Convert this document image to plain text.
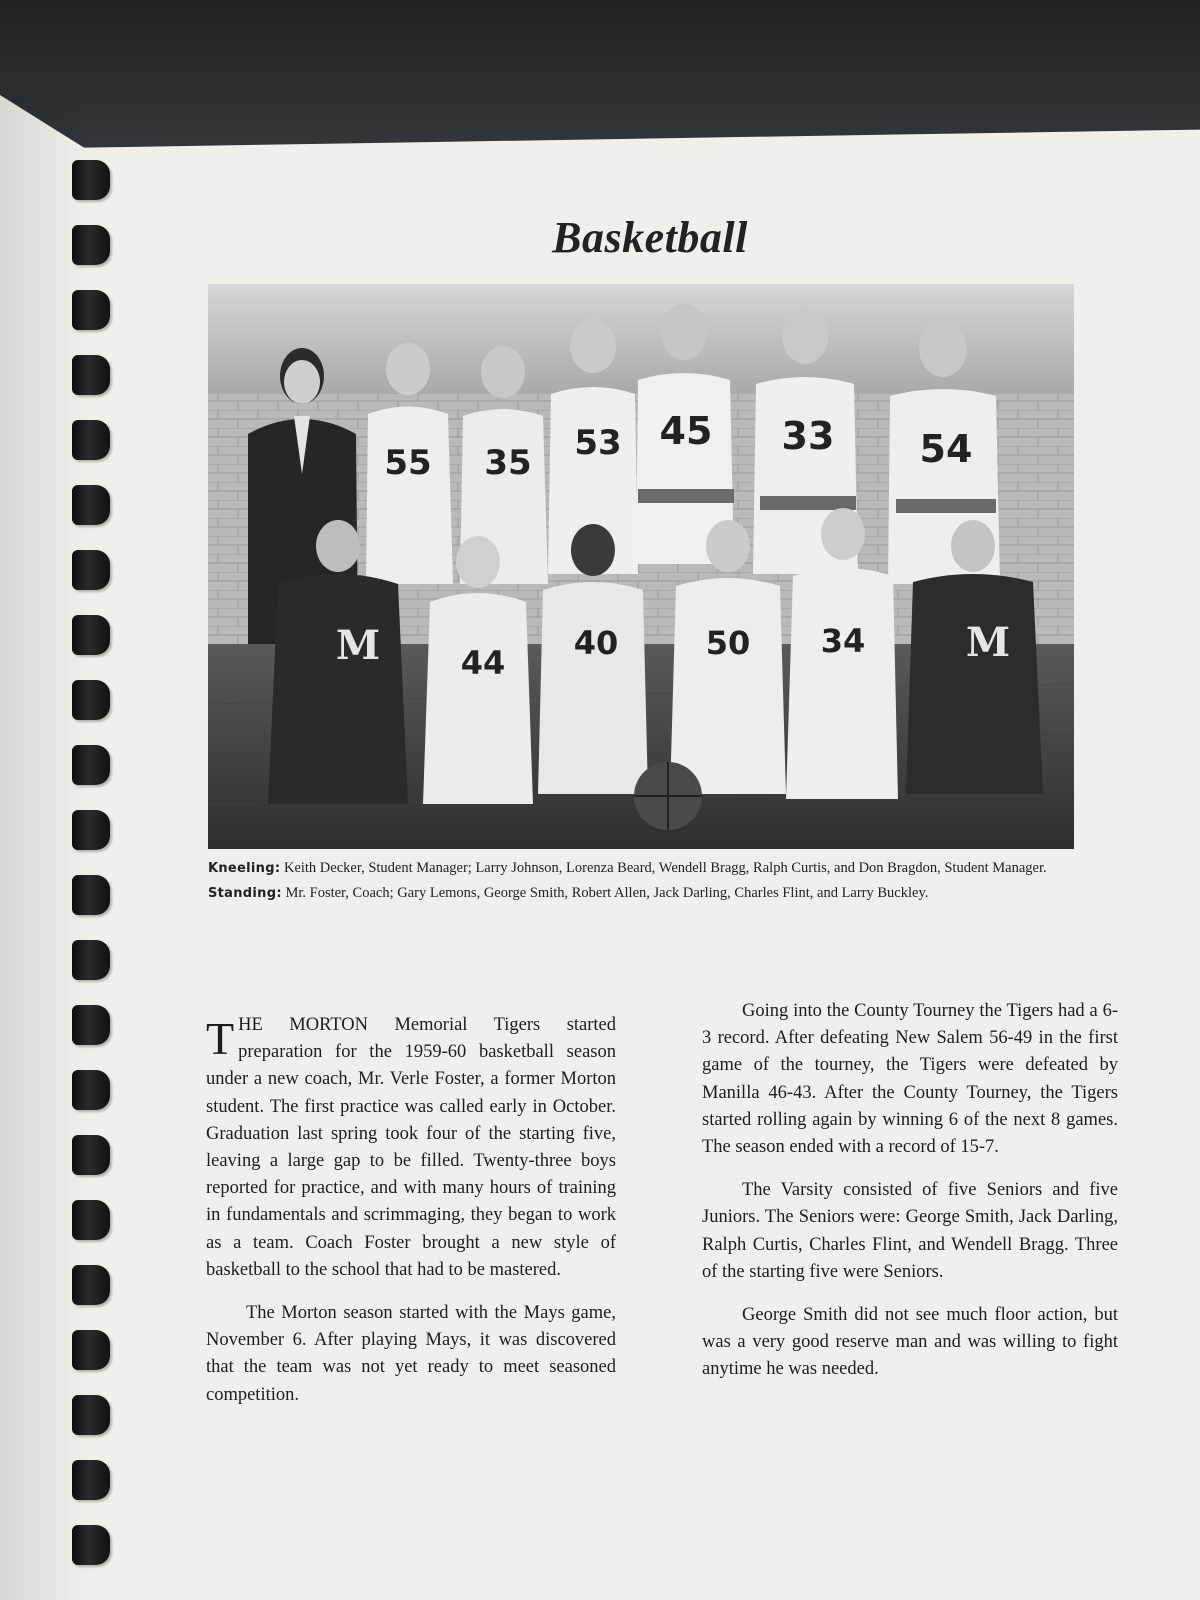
Basketball
55 35 53 45 33 54
M	44
40	50 34	M

Kneeling: Keith Decker, Student Manager; Larry Johnson, Lorenza Beard, Wendell Bragg, Ralph Curtis, and Don Bragdon, Student Manager.

Standing: Mr. Foster, Coach; Gary Lemons, George Smith, Robert Allen, Jack Darling, Charles Flint, and Larry Buckley.

THE MORTON Memorial Tigers started preparation for the 1959-60 basketball season under a new coach, Mr. Verle Foster, a former Morton student. The first practice was called early in October. Graduation last spring took four of the starting five, leaving a large gap to be filled. Twenty-three boys reported for practice, and with many hours of training in fundamentals and scrimmaging, they began to work as a team. Coach Foster brought a new style of basketball to the school that had to be mastered.

The Morton season started with the Mays game, November 6. After playing Mays, it was discovered that the team was not yet ready to meet seasoned competition.

Going into the County Tourney the Tigers had a 6-3 record. After defeating New Salem 56-49 in the first game of the tourney, the Tigers were defeated by Manilla 46-43. After the County Tourney, the Tigers started rolling again by winning 6 of the next 8 games. The season ended with a record of 15-7.

The Varsity consisted of five Seniors and five Juniors. The Seniors were: George Smith, Jack Darling, Ralph Curtis, Charles Flint, and Wendell Bragg. Three of the starting five were Seniors.

George Smith did not see much floor action, but was a very good reserve man and was willing to fight anytime he was needed.
